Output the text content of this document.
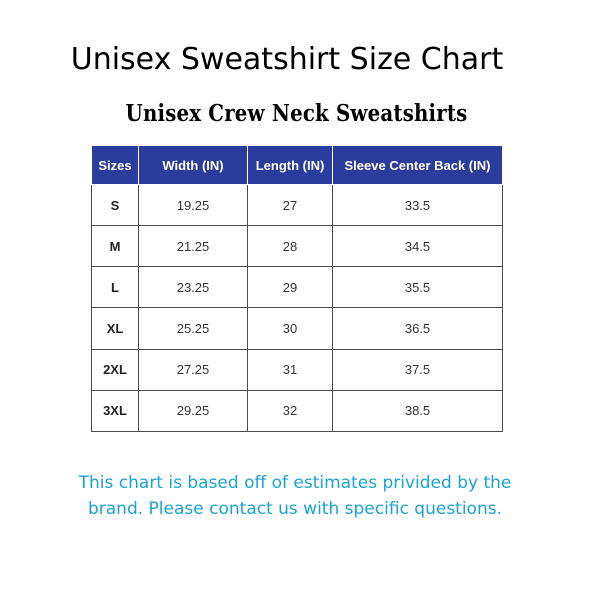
Unisex Sweatshirt Size Chart
Unisex Crew Neck Sweatshirts
Sizes	Width (IN)	Length (IN)	Sleeve Center Back (IN)
S	19.25	27	33.5
M	21.25	28	34.5
L	23.25	29	35.5
XL	25.25	30	36.5
2XL	27.25	31	37.5
3XL	29.25	32	38.5
This chart is based off of estimates privided by the
brand. Please contact us with specific questions.
